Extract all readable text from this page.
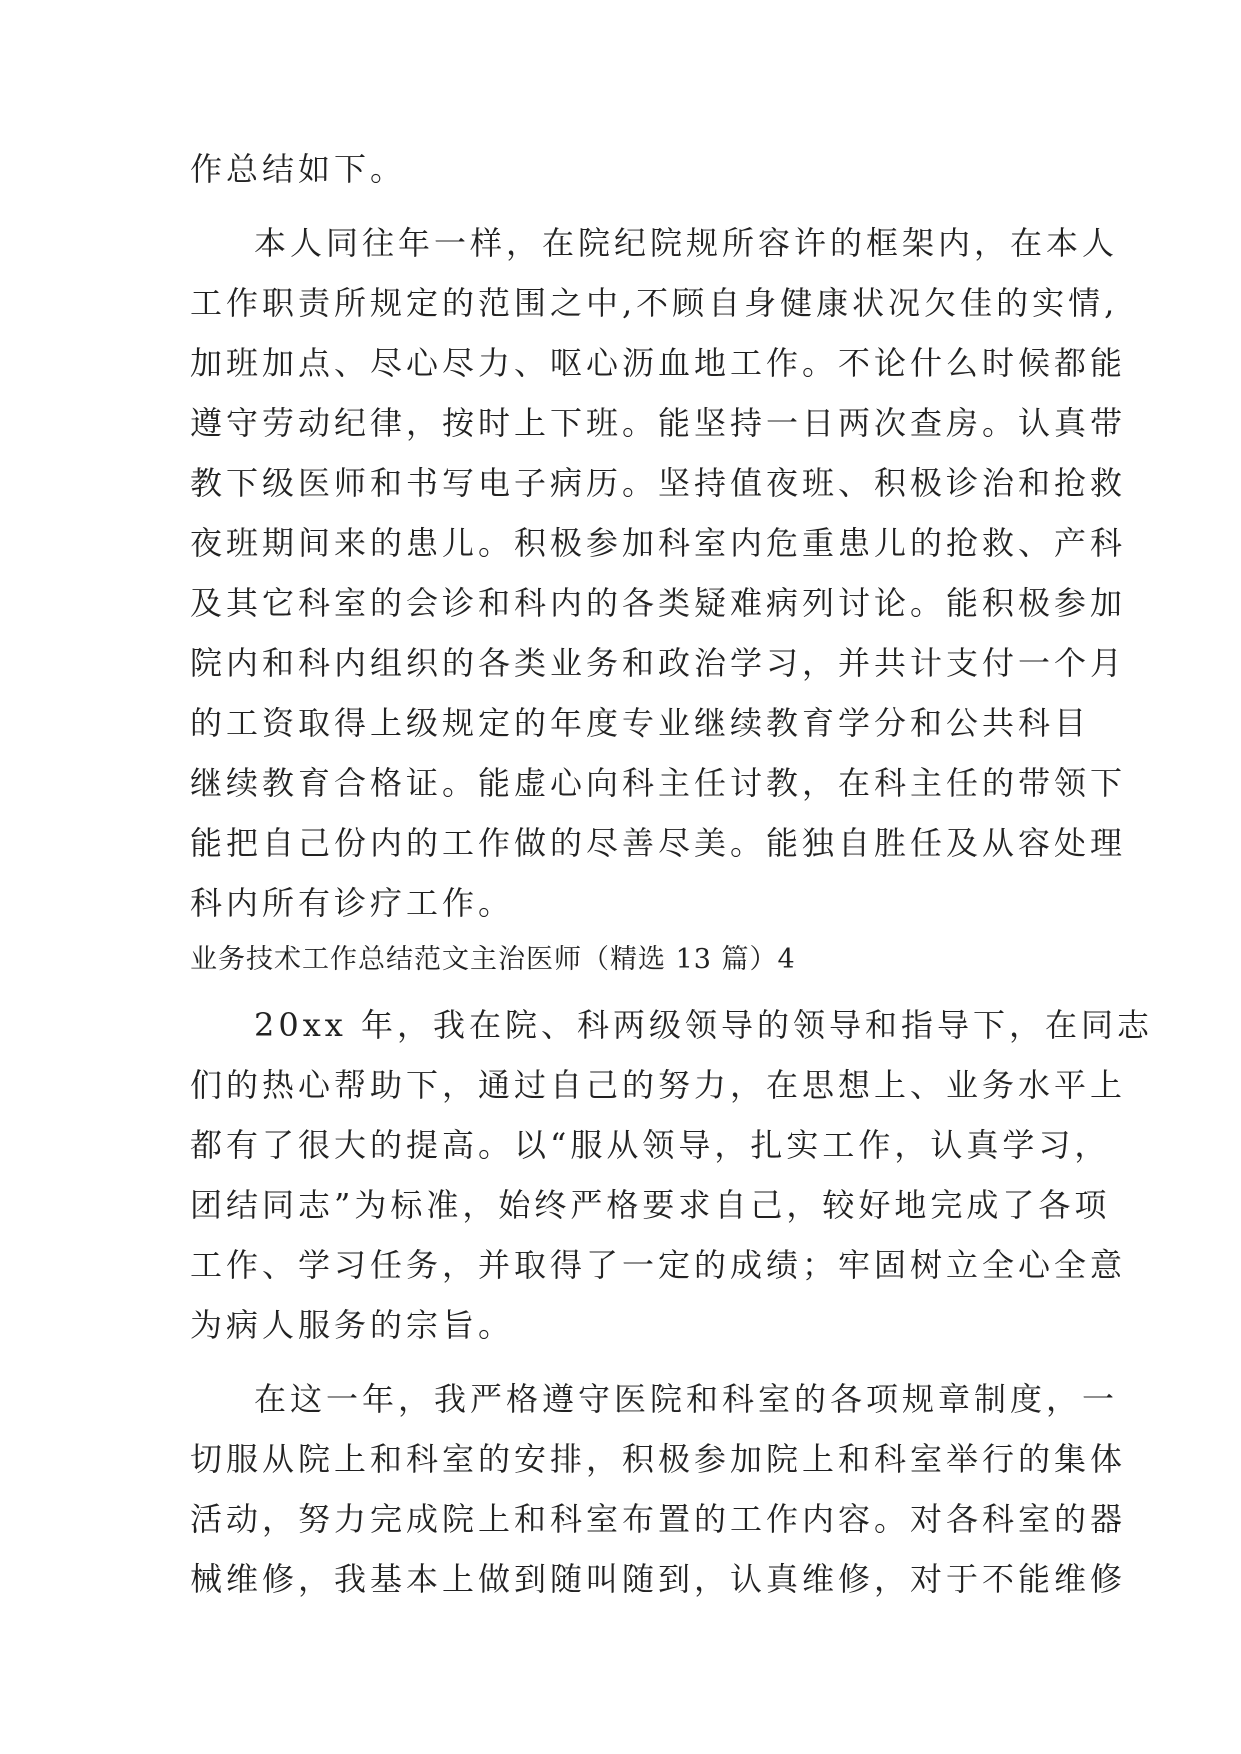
作总结如下。
本人同往年一样，在院纪院规所容许的框架内，在本人
工作职责所规定的范围之中,不顾自身健康状况欠佳的实情,
加班加点、尽心尽力、呕心沥血地工作。不论什么时候都能
遵守劳动纪律，按时上下班。能坚持一日两次查房。认真带
教下级医师和书写电子病历。坚持值夜班、积极诊治和抢救
夜班期间来的患儿。积极参加科室内危重患儿的抢救、产科
及其它科室的会诊和科内的各类疑难病列讨论。能积极参加
院内和科内组织的各类业务和政治学习，并共计支付一个月
的工资取得上级规定的年度专业继续教育学分和公共科目
继续教育合格证。能虚心向科主任讨教，在科主任的带领下
能把自己份内的工作做的尽善尽美。能独自胜任及从容处理
科内所有诊疗工作。
业务技术工作总结范文主治医师（精选 13 篇）4
20xx 年，我在院、科两级领导的领导和指导下，在同志
们的热心帮助下，通过自己的努力，在思想上、业务水平上
都有了很大的提高。以“服从领导，扎实工作，认真学习，
团结同志”为标准，始终严格要求自己，较好地完成了各项
工作、学习任务，并取得了一定的成绩；牢固树立全心全意
为病人服务的宗旨。
在这一年，我严格遵守医院和科室的各项规章制度，一
切服从院上和科室的安排，积极参加院上和科室举行的集体
活动，努力完成院上和科室布置的工作内容。对各科室的器
械维修，我基本上做到随叫随到，认真维修，对于不能维修
